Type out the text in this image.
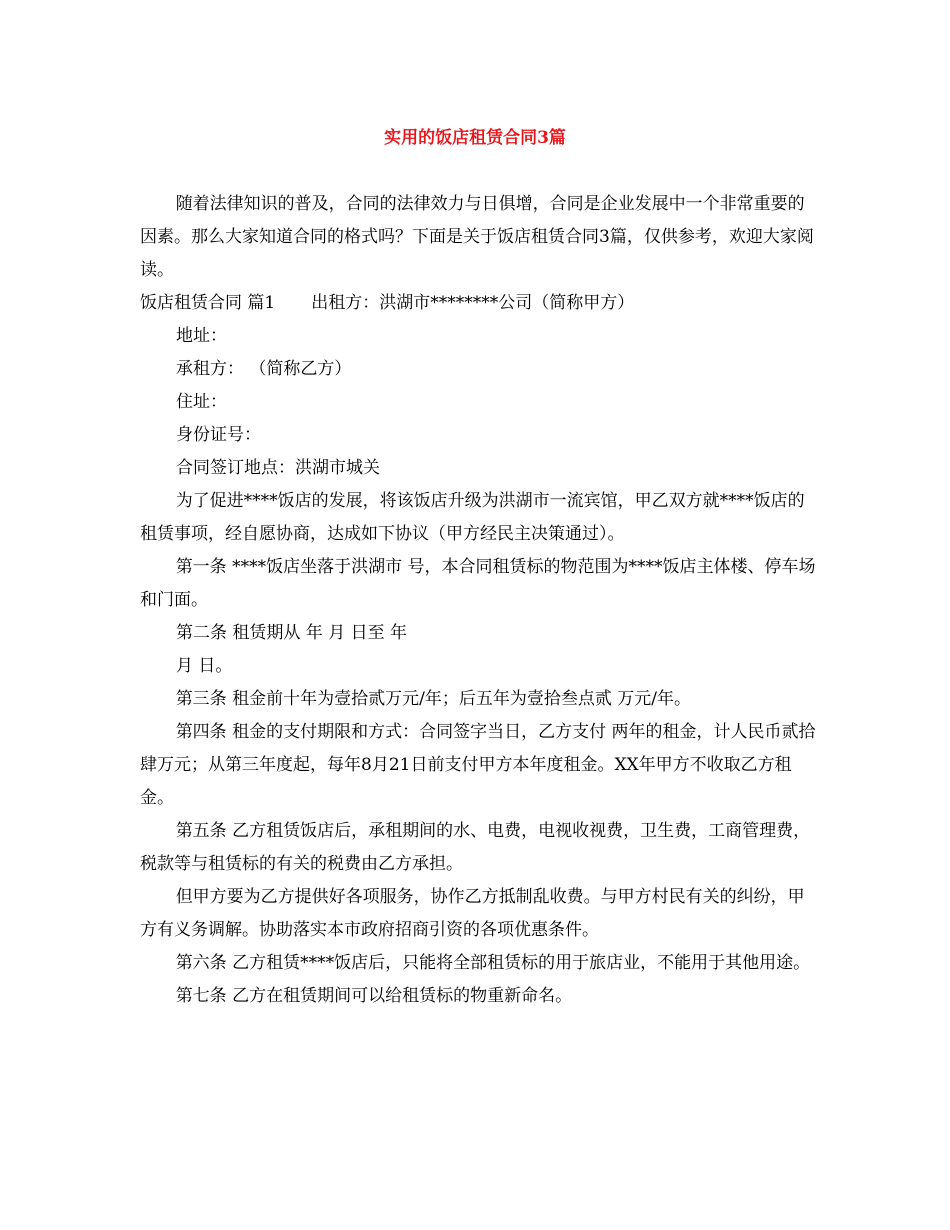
实用的饭店租赁合同3篇

随着法律知识的普及，合同的法律效力与日俱增，合同是企业发展中一个非常重要的因素。那么大家知道合同的格式吗？下面是关于饭店租赁合同3篇，仅供参考，欢迎大家阅读。

饭店租赁合同 篇1 出租方：洪湖市********公司（简称甲方）

地址：

承租方： （简称乙方）

住址：

身份证号：

合同签订地点：洪湖市城关

为了促进****饭店的发展，将该饭店升级为洪湖市一流宾馆，甲乙双方就****饭店的租赁事项，经自愿协商，达成如下协议（甲方经民主决策通过）。

第一条 ****饭店坐落于洪湖市 号，本合同租赁标的物范围为****饭店主体楼、停车场和门面。

第二条 租赁期从 年 月 日至 年

月 日。

第三条 租金前十年为壹拾贰万元/年；后五年为壹拾叁点贰 万元/年。

第四条 租金的支付期限和方式：合同签字当日，乙方支付 两年的租金，计人民币贰拾肆万元；从第三年度起，每年8月21日前支付甲方本年度租金。XX年甲方不收取乙方租金。

第五条 乙方租赁饭店后，承租期间的水、电费，电视收视费，卫生费，工商管理费，税款等与租赁标的有关的税费由乙方承担。

但甲方要为乙方提供好各项服务，协作乙方抵制乱收费。与甲方村民有关的纠纷，甲方有义务调解。协助落实本市政府招商引资的各项优惠条件。

第六条 乙方租赁****饭店后，只能将全部租赁标的用于旅店业，不能用于其他用途。

第七条 乙方在租赁期间可以给租赁标的物重新命名。
